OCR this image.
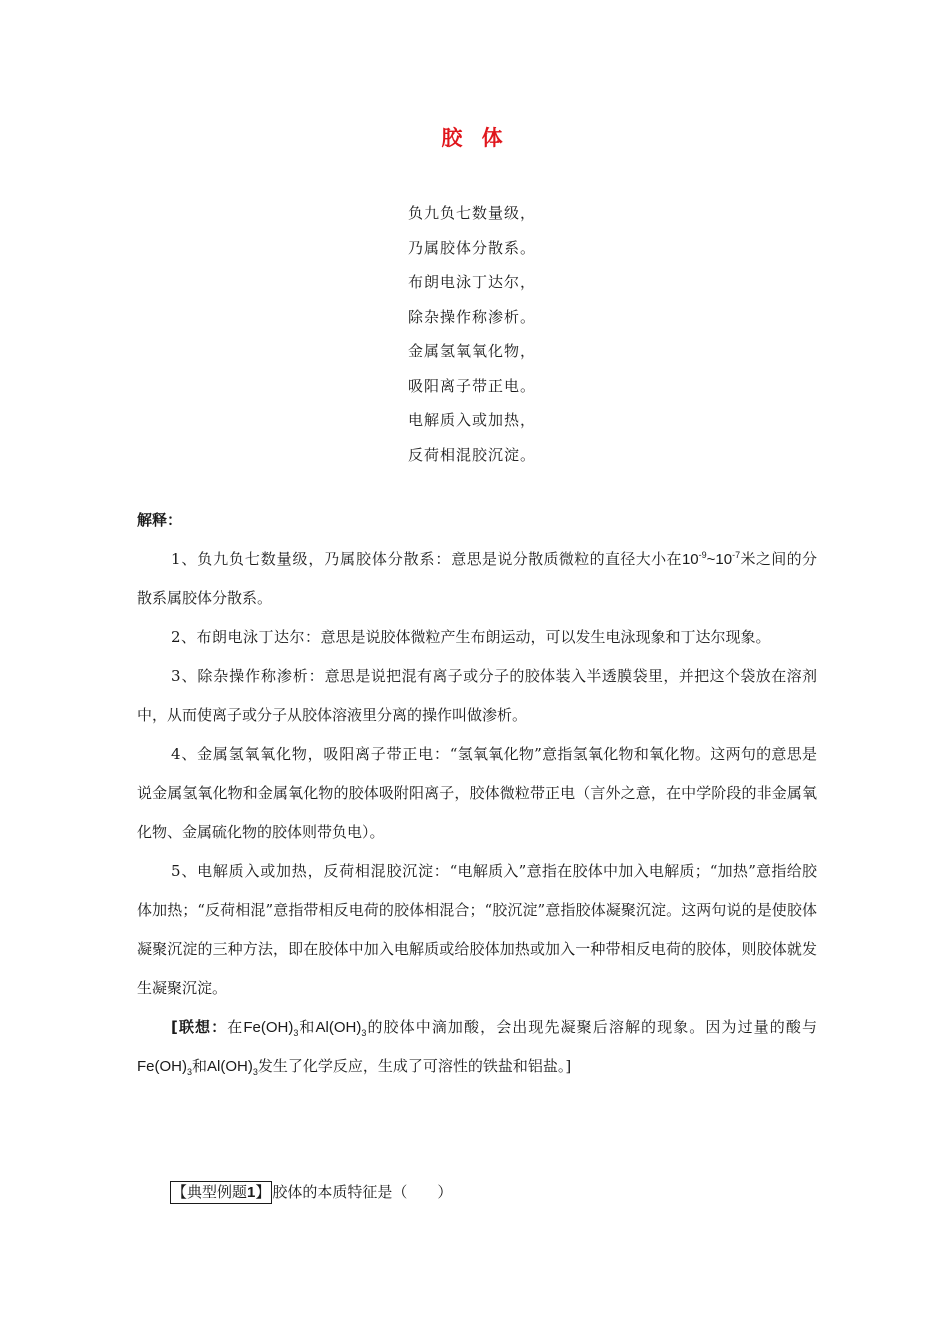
胶 体
负九负七数量级，
乃属胶体分散系。
布朗电泳丁达尔，
除杂操作称渗析。
金属氢氧氧化物，
吸阳离子带正电。
电解质入或加热，
反荷相混胶沉淀。
解释：

1、负九负七数量级，乃属胶体分散系：意思是说分散质微粒的直径大小在$10^{-9}\sim 10^{-7}$米之间的分散系属胶体分散系。

2、布朗电泳丁达尔：意思是说胶体微粒产生布朗运动，可以发生电泳现象和丁达尔现象。

3、除杂操作称渗析：意思是说把混有离子或分子的胶体装入半透膜袋里，并把这个袋放在溶剂中，从而使离子或分子从胶体溶液里分离的操作叫做渗析。

4、金属氢氧氧化物，吸阳离子带正电：“氢氧氧化物”意指氢氧化物和氧化物。这两句的意思是说金属氢氧化物和金属氧化物的胶体吸附阳离子，胶体微粒带正电（言外之意，在中学阶段的非金属氧化物、金属硫化物的胶体则带负电）。

5、电解质入或加热，反荷相混胶沉淀：“电解质入”意指在胶体中加入电解质；“加热”意指给胶体加热；“反荷相混”意指带相反电荷的胶体相混合；“胶沉淀”意指胶体凝聚沉淀。这两句说的是使胶体凝聚沉淀的三种方法，即在胶体中加入电解质或给胶体加热或加入一种带相反电荷的胶体，则胶体就发生凝聚沉淀。

[联想：在$Fe(OH)_3$和$Al(OH)_3$的胶体中滴加酸，会出现先凝聚后溶解的现象。因为过量的酸与$Fe(OH)_3$和$Al(OH)_3$发生了化学反应，生成了可溶性的铁盐和铝盐。]

【典型例题1】 胶体的本质特征是（　　）
